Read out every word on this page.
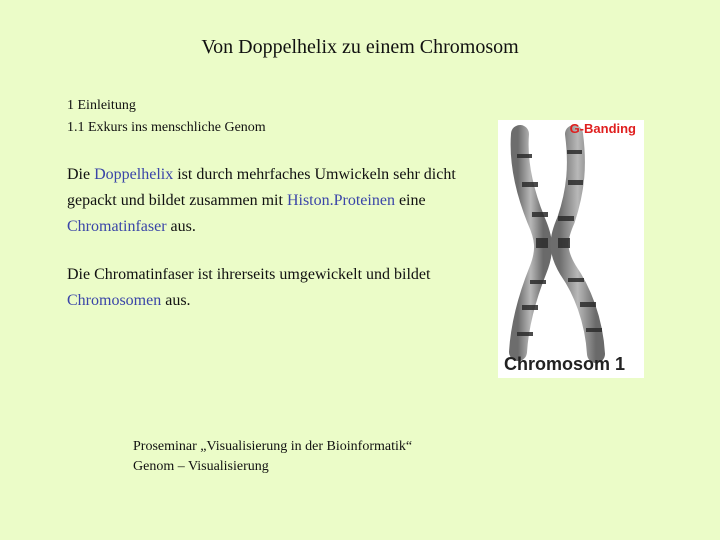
Von Doppelhelix zu einem Chromosom
1 Einleitung
1.1 Exkurs ins menschliche Genom
Die Doppelhelix ist durch mehrfaches Umwickeln sehr dicht gepackt und bildet zusammen mit Histon.Proteinen eine Chromatinfaser aus.
Die Chromatinfaser ist ihrerseits umgewickelt und bildet Chromosomen aus.
G-Banding
Chromosom 1
Proseminar „Visualisierung in der Bioinformatik“
Genom – Visualisierung
